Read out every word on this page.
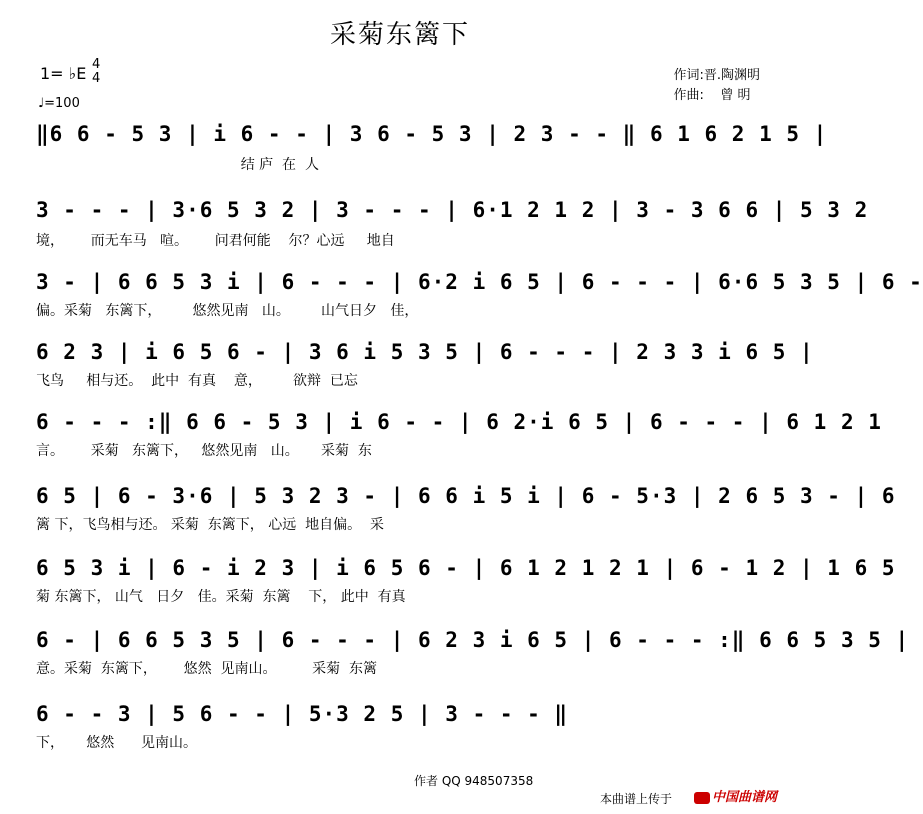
采菊东篱下
1= ♭E 4
4
♩=100
作词:晋.陶渊明
作曲:    曾 明
‖6 6 - 5 3 | i 6 - - | 3 6 - 5 3 | 2 3 - - ‖ 6 1 6 2 1 5 |
结 庐  在  人
3 - - - | 3·6 5 3 2 | 3 - - - | 6·1 2 1 2 | 3 - 3 6 6 | 5 3 2
境，      而无车马   喧。      问君何能    尔？心远     地自
3 - | 6 6 5 3 i | 6 - - - | 6·2 i 6 5 | 6 - - - | 6·6 5 3 5 | 6 -
偏。采菊   东篱下，       悠然见南   山。       山气日夕   佳，
6 2 3 | i 6 5 6 - | 3 6 i 5 3 5 | 6 - - - | 2 3 3 i 6 5 |
飞鸟     相与还。  此中  有真    意，       欲辩  已忘
6 - - - :‖ 6 6 - 5 3 | i 6 - - | 6 2·i 6 5 | 6 - - - | 6 1 2 1
言。      采菊   东篱下，   悠然见南   山。     采菊  东
6 5 | 6 - 3·6 | 5 3 2 3 - | 6 6 i 5 i | 6 - 5·3 | 2 6 5 3 - | 6
篱 下，飞鸟相与还。 采菊  东篱下， 心远  地自偏。  采
6 5 3 i | 6 - i 2 3 | i 6 5 6 - | 6 1 2 1 2 1 | 6 - 1 2 | 1 6 5
菊 东篱下， 山气   日夕   佳。采菊  东篱    下， 此中  有真
6 - | 6 6 5 3 5 | 6 - - - | 6 2 3 i 6 5 | 6 - - - :‖ 6 6 5 3 5 |
意。采菊  东篱下，      悠然  见南山。        采菊  东篱
6 - - 3 | 5 6 - - | 5·3 2 5 | 3 - - - ‖
下，     悠然      见南山。
作者 QQ 948507358
本曲谱上传于	中国曲谱网
